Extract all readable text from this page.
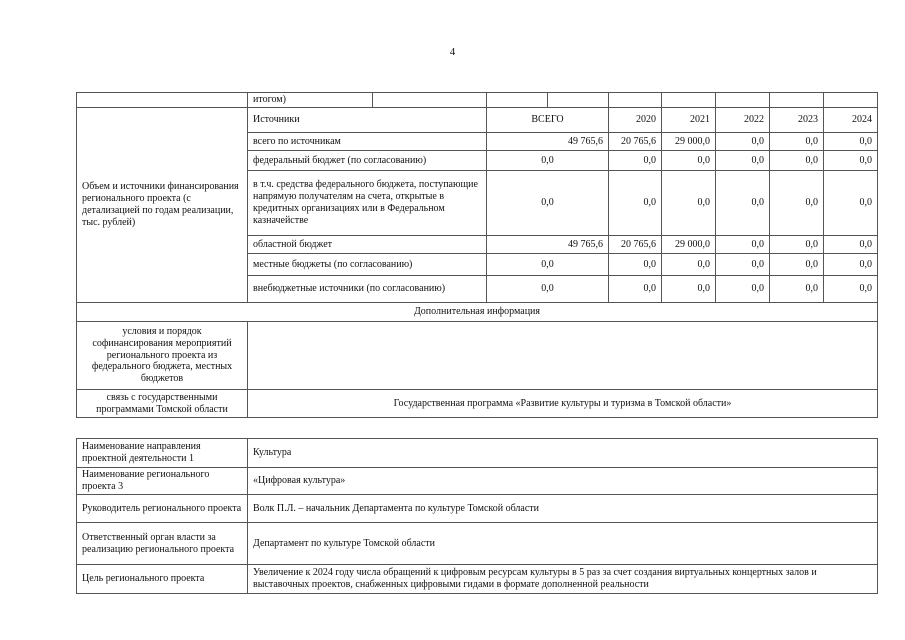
4
	итогом)								
Объем и источники финансирования регионального проекта (с детализацией по годам реализации, тыс. рублей)	Источники		ВСЕГО		2020	2021	2022	2023	2024
	всего по источникам		49 765,6		20 765,6	29 000,0	0,0	0,0	0,0
	федеральный бюджет (по согласованию)		0,0		0,0	0,0	0,0	0,0	0,0
	в т.ч. средства федерального бюджета, поступающие напрямую получателям на счета, открытые в кредитных организациях или в Федеральном казначействе		0,0		0,0	0,0	0,0	0,0	0,0
	областной бюджет		49 765,6		20 765,6	29 000,0	0,0	0,0	0,0
	местные бюджеты (по согласованию)		0,0		0,0	0,0	0,0	0,0	0,0
	внебюджетные источники (по согласованию)		0,0		0,0	0,0	0,0	0,0	0,0
Дополнительная информация									
условия и порядок софинансирования мероприятий регионального проекта из федерального бюджета, местных бюджетов									
связь с государственными программами Томской области	Государственная программа «Развитие культуры и туризма в Томской области»								
Наименование направления проектной деятельности 1	Культура
Наименование регионального проекта 3	«Цифровая культура»
Руководитель регионального проекта	Волк П.Л. – начальник Департамента по культуре Томской области
Ответственный орган власти за реализацию регионального проекта	Департамент по культуре Томской области
Цель регионального проекта	Увеличение к 2024 году числа обращений к цифровым ресурсам культуры в 5 раз за счет создания виртуальных концертных залов и выставочных проектов, снабженных цифровыми гидами в формате дополненной реальности
